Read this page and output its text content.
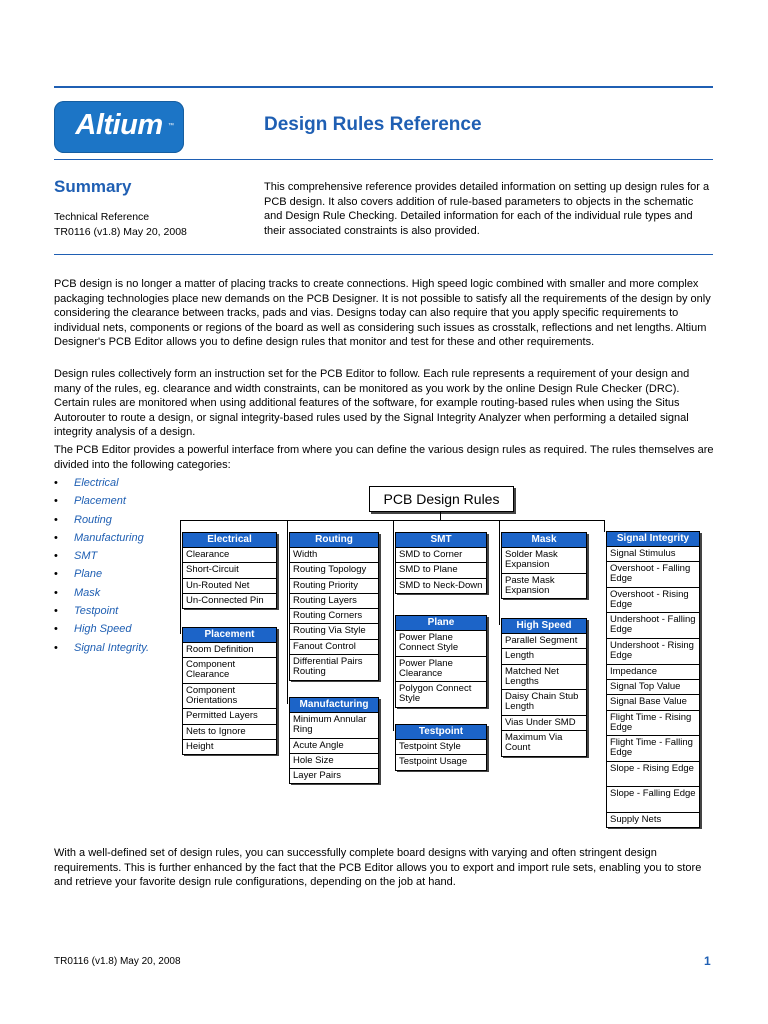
Altium ™	Design Rules Reference
Summary
Technical Reference
TR0116 (v1.8) May 20, 2008
This comprehensive reference provides detailed information on setting up design rules for a PCB design. It also covers addition of rule-based parameters to objects in the schematic and Design Rule Checking. Detailed information for each of the individual rule types and their associated constraints is also provided.
PCB design is no longer a matter of placing tracks to create connections. High speed logic combined with smaller and more complex packaging technologies place new demands on the PCB Designer. It is not possible to satisfy all the requirements of the design by only considering the clearance between tracks, pads and vias. Designs today can also require that you apply specific requirements to individual nets, components or regions of the board as well as considering such issues as crosstalk, reflections and net lengths. Altium Designer's PCB Editor allows you to define design rules that monitor and test for these and other requirements.
Design rules collectively form an instruction set for the PCB Editor to follow. Each rule represents a requirement of your design and many of the rules, eg. clearance and width constraints, can be monitored as you work by the online Design Rule Checker (DRC). Certain rules are monitored when using additional features of the software, for example routing-based rules when using the Situs Autorouter to route a design, or signal integrity-based rules used by the Signal Integrity Analyzer when performing a detailed signal integrity analysis of a design.
The PCB Editor provides a powerful interface from where you can define the various design rules as required. The rules themselves are divided into the following categories:
• Electrical
• Placement
• Routing
• Manufacturing
• SMT
• Plane
• Mask
• Testpoint
• High Speed
• Signal Integrity.
PCB Design Rules
Electrical
Clearance
Short-Circuit
Un-Routed Net
Un-Connected Pin
Placement
Room Definition
Component Clearance
Component Orientations
Permitted Layers
Nets to Ignore
Height
Routing
Width
Routing Topology
Routing Priority
Routing Layers
Routing Corners
Routing Via Style
Fanout Control
Differential Pairs Routing
Manufacturing
Minimum Annular Ring
Acute Angle
Hole Size
Layer Pairs
SMT
SMD to Corner
SMD to Plane
SMD to Neck-Down
Plane
Power Plane Connect Style
Power Plane Clearance
Polygon Connect Style
Testpoint
Testpoint Style
Testpoint Usage
Mask
Solder Mask Expansion
Paste Mask Expansion
High Speed
Parallel Segment
Length
Matched Net Lengths
Daisy Chain Stub Length
Vias Under SMD
Maximum Via Count
Signal Integrity
Signal Stimulus
Overshoot - Falling Edge
Overshoot - Rising Edge
Undershoot - Falling Edge
Undershoot - Rising Edge
Impedance
Signal Top Value
Signal Base Value
Flight Time - Rising Edge
Flight Time - Falling Edge
Slope - Rising Edge
Slope - Falling Edge
Supply Nets
With a well-defined set of design rules, you can successfully complete board designs with varying and often stringent design requirements. This is further enhanced by the fact that the PCB Editor allows you to export and import rule sets, enabling you to store and retrieve your favorite design rule configurations, depending on the job at hand.
TR0116 (v1.8) May 20, 2008	1
